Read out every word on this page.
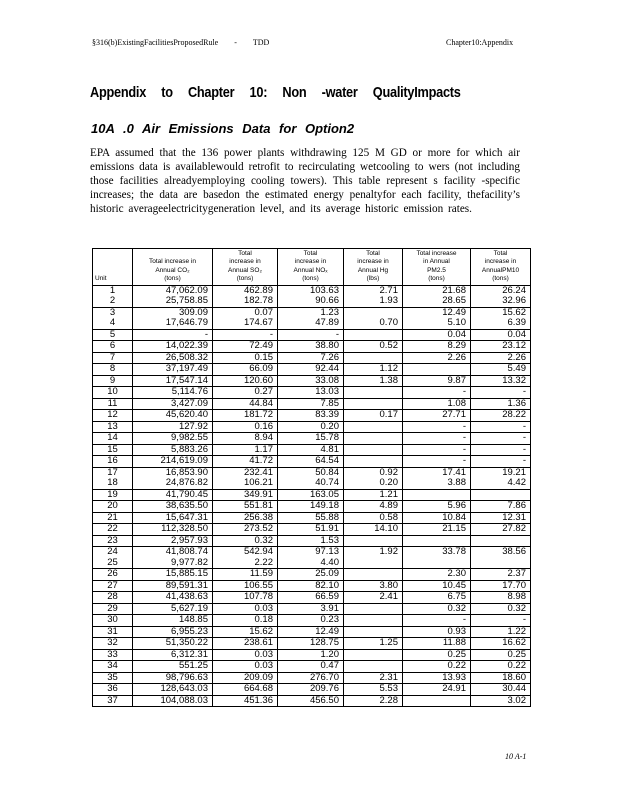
§316(b)ExistingFacilitiesProposedRule - TDD	Chapter10:Appendix
Appendix to Chapter 10: Non -water QualityImpacts
10A .0 Air Emissions Data for Option2

EPA assumed that the 136 power plants withdrawing 125 M GD or more for which air emissions data is availablewould retrofit to recirculating wetcooling to wers (not including those facilities alreadyemploying cooling towers). This table represent s facility -specific increases; the data are basedon the estimated energy penaltyfor each facility, thefacility’s historic averageelectricitygeneration level, and its average historic emission rates.

Unit	Total increase in
Annual CO₂
(tons)	Total
increase in
Annual SO₂
(tons)	Total
increase in
Annual NOₓ
(tons)	Total
increase in
Annual Hg
(lbs)	Total increase
in Annual
PM2.5
(tons)	Total
increase in
AnnualPM10
(tons)
1	47,062.09	462.89	103.63	2.71	21.68	26.24
2	25,758.85	182.78	90.66	1.93	28.65	32.96
3	309.09	0.07	1.23		12.49	15.62
4	17,646.79	174.67	47.89	0.70	5.10	6.39
5	-	-	-		0.04	0.04
6	14,022.39	72.49	38.80	0.52	8.29	23.12
7	26,508.32	0.15	7.26		2.26	2.26
8	37,197.49	66.09	92.44	1.12		5.49
9	17,547.14	120.60	33.08	1.38	9.87	13.32
10	5,114.76	0.27	13.03		-	-
11	3,427.09	44.84	7.85		1.08	1.36
12	45,620.40	181.72	83.39	0.17	27.71	28.22
13	127.92	0.16	0.20		-	-
14	9,982.55	8.94	15.78		-	-
15	5,883.26	1.17	4.81		-	-
16	214,619.09	41.72	64.54		-	-
17	16,853.90	232.41	50.84	0.92	17.41	19.21
18	24,876.82	106.21	40.74	0.20	3.88	4.42
19	41,790.45	349.91	163.05	1.21		
20	38,635.50	551.81	149.18	4.89	5.96	7.86
21	15,647.31	256.38	55.88	0.58	10.84	12.31
22	112,328.50	273.52	51.91	14.10	21.15	27.82
23	2,957.93	0.32	1.53			
24	41,808.74	542.94	97.13	1.92	33.78	38.56
25	9,977.82	2.22	4.40			
26	15,885.15	11.59	25.09		2.30	2.37
27	89,591.31	106.55	82.10	3.80	10.45	17.70
28	41,438.63	107.78	66.59	2.41	6.75	8.98
29	5,627.19	0.03	3.91		0.32	0.32
30	148.85	0.18	0.23		-	-
31	6,955.23	15.62	12.49		0.93	1.22
32	51,350.22	238.61	128.75	1.25	11.88	16.62
33	6,312.31	0.03	1.20		0.25	0.25
34	551.25	0.03	0.47		0.22	0.22
35	98,796.63	209.09	276.70	2.31	13.93	18.60
36	128,643.03	664.68	209.76	5.53	24.91	30.44
37	104,088.03	451.36	456.50	2.28		3.02
10 A-1
